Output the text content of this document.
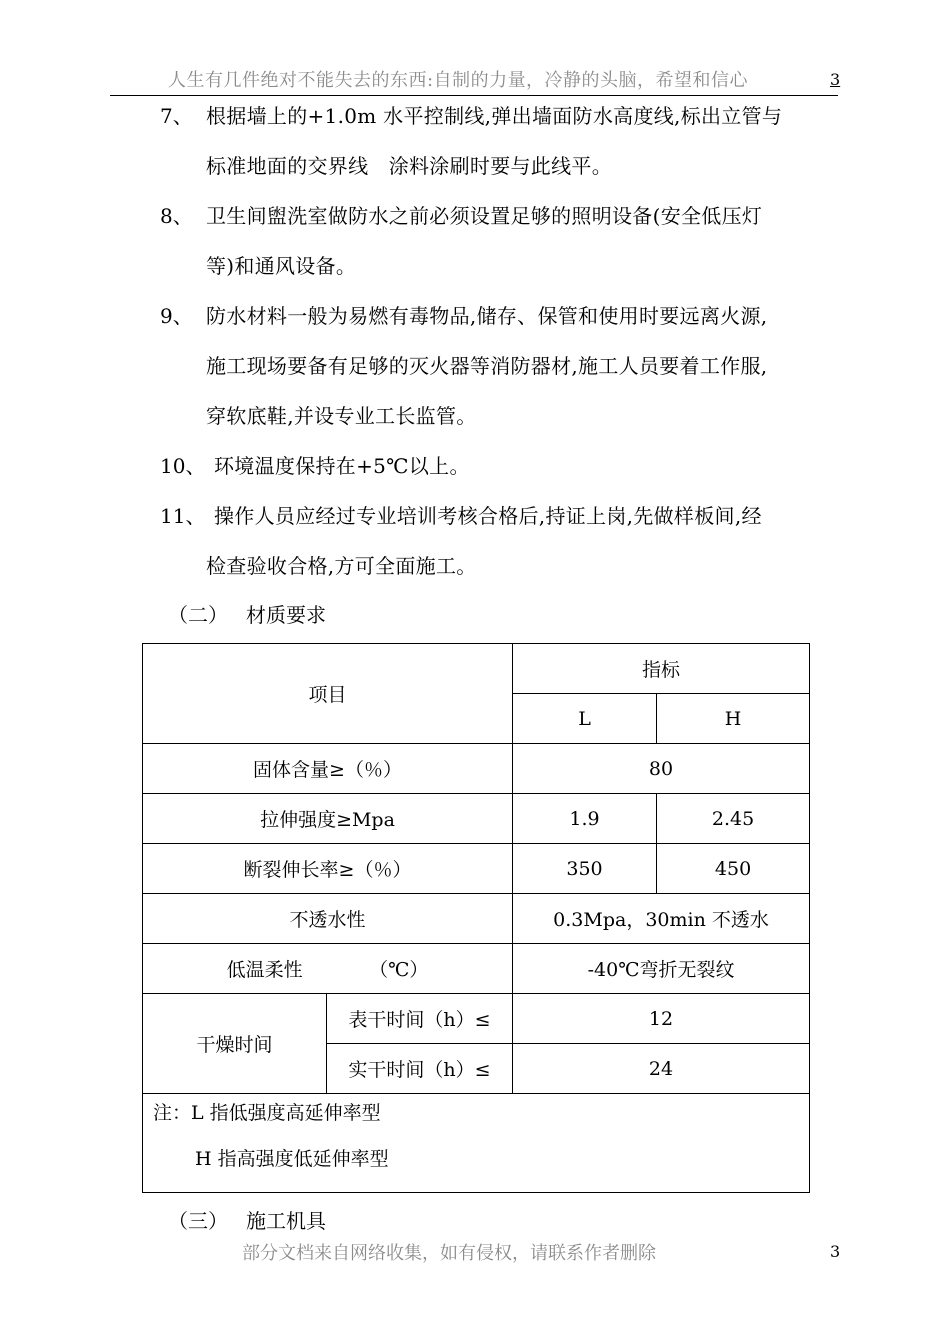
人生有几件绝对不能失去的东西:自制的力量，冷静的头脑，希望和信心	3
7、 根据墙上的+1.0m 水平控制线,弹出墙面防水高度线,标出立管与
标准地面的交界线　涂料涂刷时要与此线平。
8、 卫生间盥洗室做防水之前必须设置足够的照明设备(安全低压灯
等)和通风设备。
9、 防水材料一般为易燃有毒物品,储存、保管和使用时要远离火源,
施工现场要备有足够的灭火器等消防器材,施工人员要着工作服,
穿软底鞋,并设专业工长监管。
10、 环境温度保持在+5℃以上。
11、 操作人员应经过专业培训考核合格后,持证上岗,先做样板间,经
检查验收合格,方可全面施工。
（二） 材质要求
项目		指标	
		L	H
固体含量≥（％）		80	
拉伸强度≥Mpa		1.9	2.45
断裂伸长率≥（％）		350	450
不透水性		0.3Mpa，30min 不透水	
低温柔性　　　　（℃）		-40℃弯折无裂纹	
干燥时间	表干时间（h）≤	12	
	实干时间（h）≤	24	

注：L 指低强度高延伸率型
H 指高强度低延伸率型			
（三） 施工机具
部分文档来自网络收集，如有侵权，请联系作者删除	3
